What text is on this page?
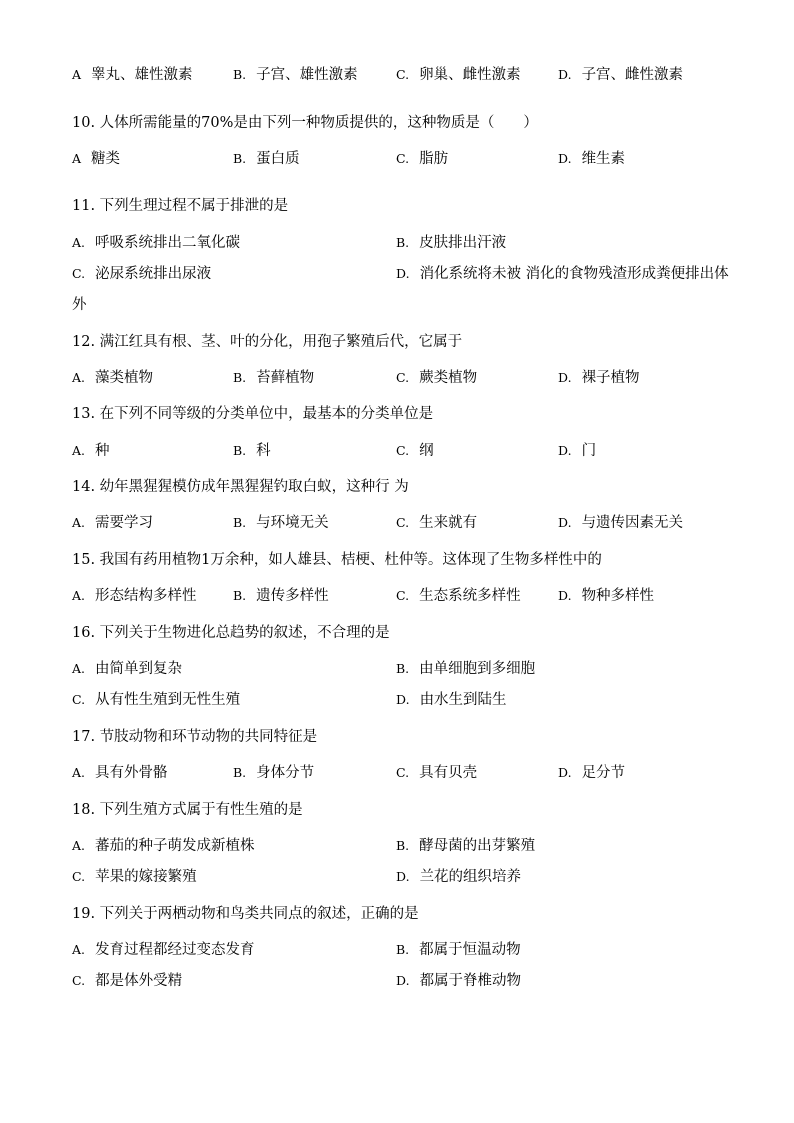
A 睾丸、雄性激素	B. 子宫、雄性激素	C. 卵巢、雌性激素	D. 子宫、雌性激素
10. 人体所需能量的70%是由下列一种物质提供的，这种物质是（　　）
A 糖类	B. 蛋白质	C. 脂肪	D. 维生素
11. 下列生理过程不属于排泄的是
A. 呼吸系统排出二氧化碳	B. 皮肤排出汗液
C. 泌尿系统排出尿液	D. 消化系统将未被 消化的食物残渣形成粪便排出体
外
12. 满江红具有根、茎、叶的分化，用孢子繁殖后代，它属于
A. 藻类植物	B. 苔藓植物	C. 蕨类植物	D. 裸子植物
13. 在下列不同等级的分类单位中，最基本的分类单位是
A. 种	B. 科	C. 纲	D. 门
14. 幼年黑猩猩模仿成年黑猩猩钓取白蚁，这种行 为
A. 需要学习	B. 与环境无关	C. 生来就有	D. 与遗传因素无关
15. 我国有药用植物1万余种，如人雄县、桔梗、杜仲等。这体现了生物多样性中的
A. 形态结构多样性	B. 遗传多样性	C. 生态系统多样性	D. 物种多样性
16. 下列关于生物进化总趋势的叙述，不合理的是
A. 由简单到复杂	B. 由单细胞到多细胞
C. 从有性生殖到无性生殖	D. 由水生到陆生
17. 节肢动物和环节动物的共同特征是
A. 具有外骨骼	B. 身体分节	C. 具有贝壳	D. 足分节
18. 下列生殖方式属于有性生殖的是
A. 蕃茄的种子萌发成新植株	B. 酵母菌的出芽繁殖
C. 苹果的嫁接繁殖	D. 兰花的组织培养
19. 下列关于两栖动物和鸟类共同点的叙述，正确的是
A. 发育过程都经过变态发育	B. 都属于恒温动物
C. 都是体外受精	D. 都属于脊椎动物
